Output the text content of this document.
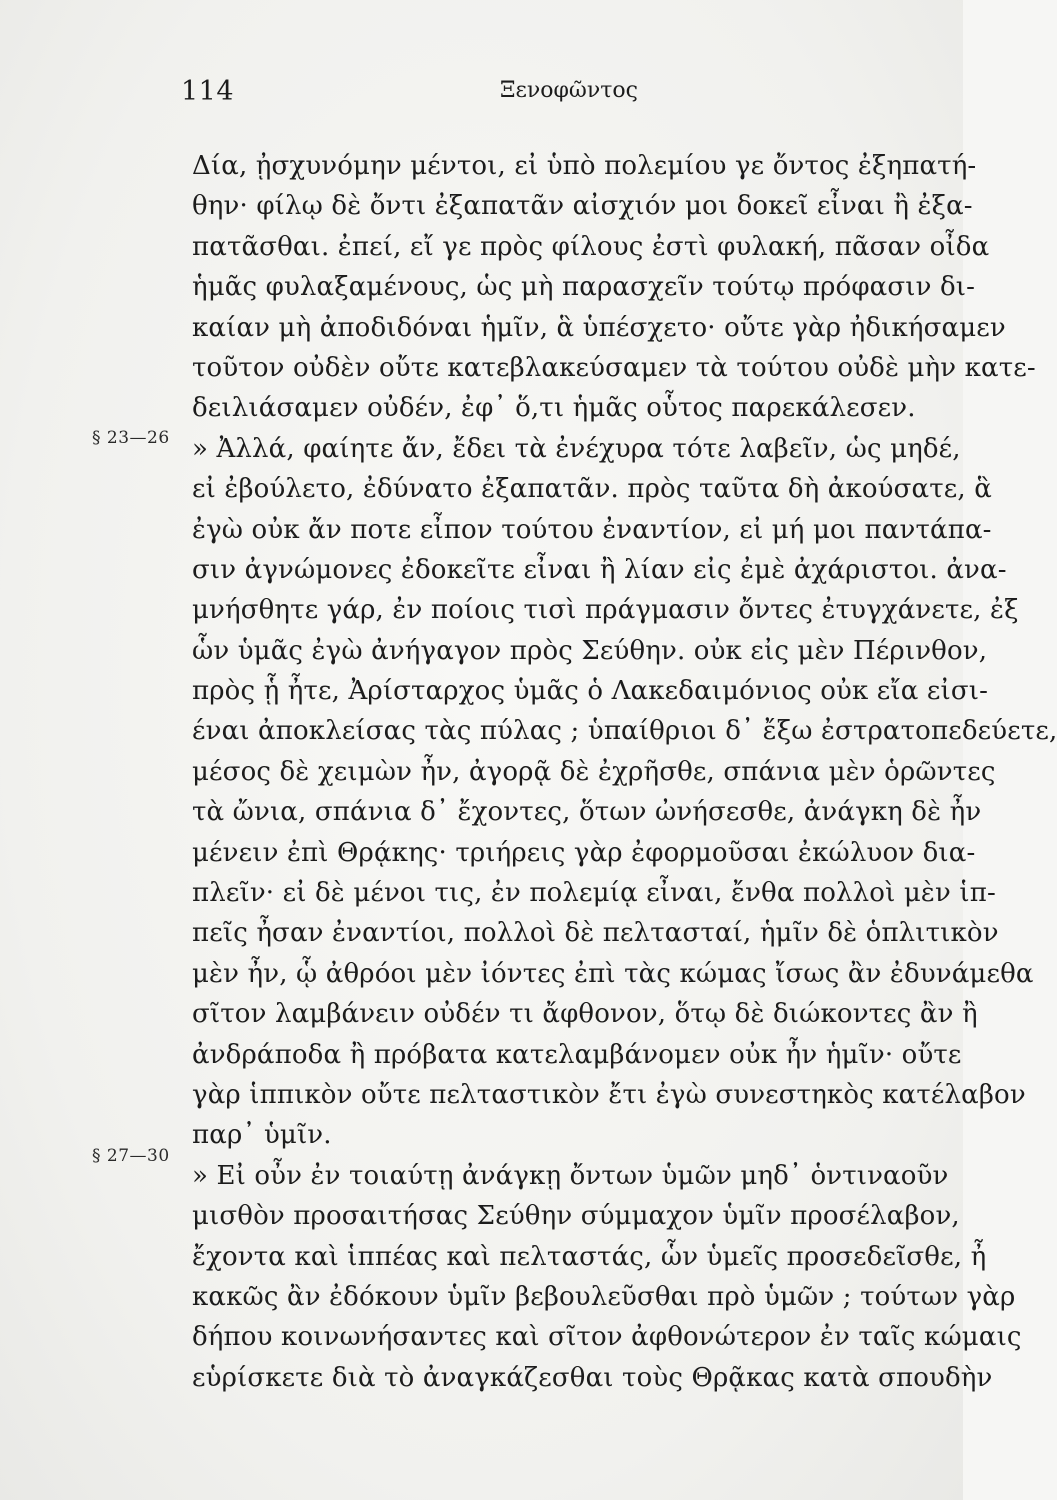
114	Ξενοφῶντος
§ 23—26
§ 27—30
Δία, ᾐσχυνόμην μέντοι, εἰ ὑπὸ πολεμίου γε ὄντος ἐξηπατή-
θην· φίλῳ δὲ ὄντι ἐξαπατᾶν αἰσχιόν μοι δοκεῖ εἶναι ἢ ἐξα-
πατᾶσθαι. ἐπεί, εἴ γε πρὸς φίλους ἐστὶ φυλακή, πᾶσαν οἶδα
ἡμᾶς φυλαξαμένους, ὡς μὴ παρασχεῖν τούτῳ πρόφασιν δι-
καίαν μὴ ἀποδιδόναι ἡμῖν, ἃ ὑπέσχετο· οὔτε γὰρ ἠδικήσαμεν
τοῦτον οὐδὲν οὔτε κατεβλακεύσαμεν τὰ τούτου οὐδὲ μὴν κατε-
δειλιάσαμεν οὐδέν, ἐφ᾽ ὅ,τι ἡμᾶς οὗτος παρεκάλεσεν.
» Ἀλλά, φαίητε ἄν, ἔδει τὰ ἐνέχυρα τότε λαβεῖν, ὡς μηδέ,
εἰ ἐβούλετο, ἐδύνατο ἐξαπατᾶν. πρὸς ταῦτα δὴ ἀκούσατε, ἃ
ἐγὼ οὐκ ἄν ποτε εἶπον τούτου ἐναντίον, εἰ μή μοι παντάπα-
σιν ἀγνώμονες ἐδοκεῖτε εἶναι ἢ λίαν εἰς ἐμὲ ἀχάριστοι. ἀνα-
μνήσθητε γάρ, ἐν ποίοις τισὶ πράγμασιν ὄντες ἐτυγχάνετε, ἐξ
ὧν ὑμᾶς ἐγὼ ἀνήγαγον πρὸς Σεύθην. οὐκ εἰς μὲν Πέρινθον,
πρὸς ᾗ ἦτε, Ἀρίσταρχος ὑμᾶς ὁ Λακεδαιμόνιος οὐκ εἴα εἰσι-
έναι ἀποκλείσας τὰς πύλας ; ὑπαίθριοι δ᾽ ἔξω ἐστρατοπεδεύετε,
μέσος δὲ χειμὼν ἦν, ἀγορᾷ δὲ ἐχρῆσθε, σπάνια μὲν ὁρῶντες
τὰ ὤνια, σπάνια δ᾽ ἔχοντες, ὅτων ὠνήσεσθε, ἀνάγκη δὲ ἦν
μένειν ἐπὶ Θρᾴκης· τριήρεις γὰρ ἐφορμοῦσαι ἐκώλυον δια-
πλεῖν· εἰ δὲ μένοι τις, ἐν πολεμίᾳ εἶναι, ἔνθα πολλοὶ μὲν ἱπ-
πεῖς ἦσαν ἐναντίοι, πολλοὶ δὲ πελτασταί, ἡμῖν δὲ ὁπλιτικὸν
μὲν ἦν, ᾧ ἀθρόοι μὲν ἰόντες ἐπὶ τὰς κώμας ἴσως ἂν ἐδυνάμεθα
σῖτον λαμβάνειν οὐδέν τι ἄφθονον, ὅτῳ δὲ διώκοντες ἂν ἢ
ἀνδράποδα ἢ πρόβατα κατελαμβάνομεν οὐκ ἦν ἡμῖν· οὔτε
γὰρ ἱππικὸν οὔτε πελταστικὸν ἔτι ἐγὼ συνεστηκὸς κατέλαβον
παρ᾽ ὑμῖν.
» Εἰ οὖν ἐν τοιαύτῃ ἀνάγκῃ ὄντων ὑμῶν μηδ᾽ ὁντιναοῦν
μισθὸν προσαιτήσας Σεύθην σύμμαχον ὑμῖν προσέλαβον,
ἔχοντα καὶ ἱππέας καὶ πελταστάς, ὧν ὑμεῖς προσεδεῖσθε, ἦ
κακῶς ἂν ἐδόκουν ὑμῖν βεβουλεῦσθαι πρὸ ὑμῶν ; τούτων γὰρ
δήπου κοινωνήσαντες καὶ σῖτον ἀφθονώτερον ἐν ταῖς κώμαις
εὑρίσκετε διὰ τὸ ἀναγκάζεσθαι τοὺς Θρᾷκας κατὰ σπουδὴν
